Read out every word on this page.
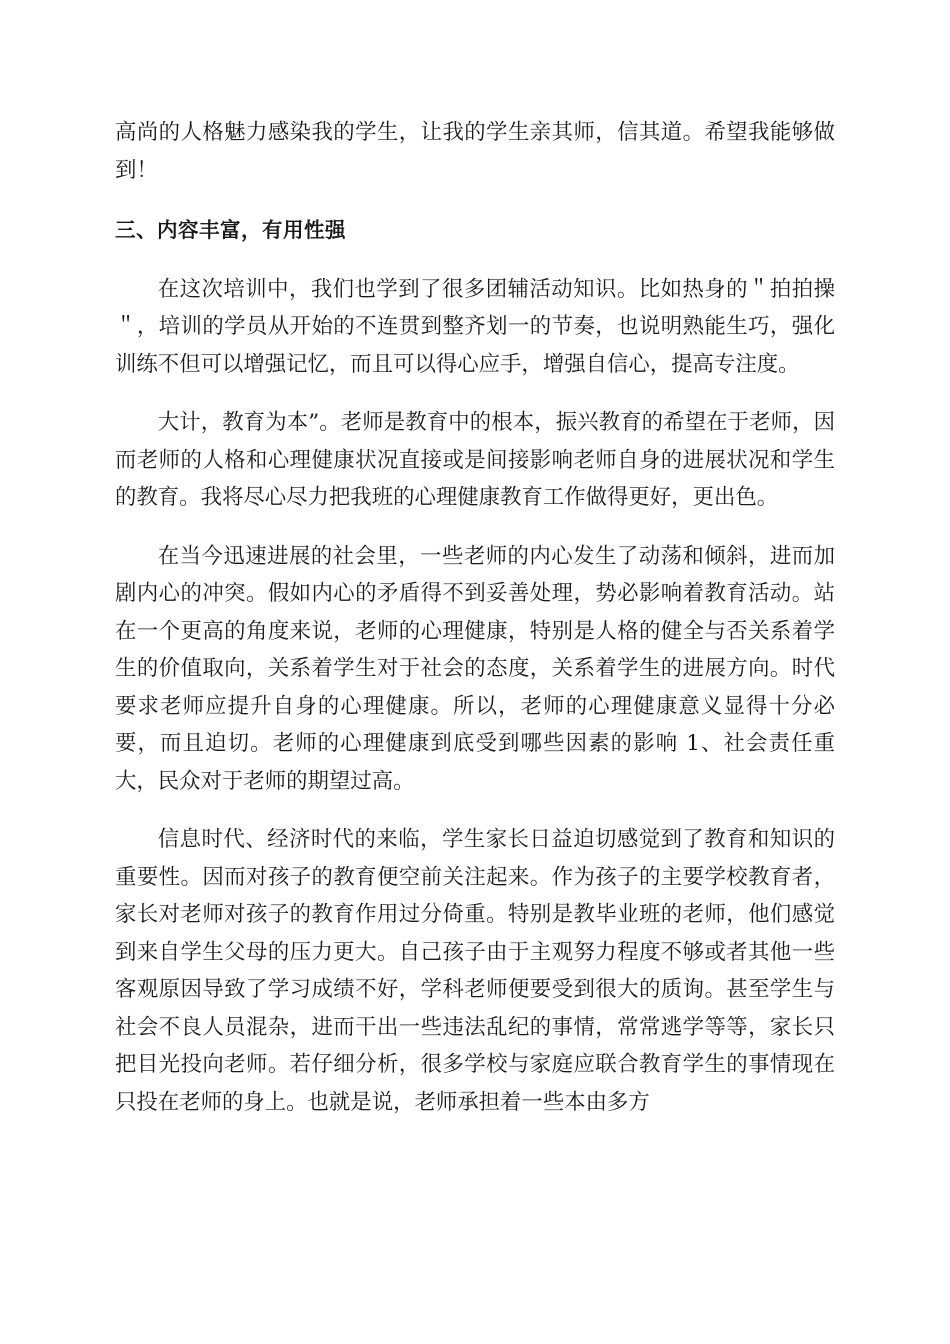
高尚的人格魅力感染我的学生，让我的学生亲其师，信其道。希望我能够做到！

三、内容丰富，有用性强

在这次培训中，我们也学到了很多团辅活动知识。比如热身的＂拍拍操＂，培训的学员从开始的不连贯到整齐划一的节奏，也说明熟能生巧，强化训练不但可以增强记忆，而且可以得心应手，增强自信心，提高专注度。

大计，教育为本”。老师是教育中的根本，振兴教育的希望在于老师，因而老师的人格和心理健康状况直接或是间接影响老师自身的进展状况和学生的教育。我将尽心尽力把我班的心理健康教育工作做得更好，更出色。

在当今迅速进展的社会里，一些老师的内心发生了动荡和倾斜，进而加剧内心的冲突。假如内心的矛盾得不到妥善处理，势必影响着教育活动。站在一个更高的角度来说，老师的心理健康，特别是人格的健全与否关系着学生的价值取向，关系着学生对于社会的态度，关系着学生的进展方向。时代要求老师应提升自身的心理健康。所以，老师的心理健康意义显得十分必要，而且迫切。老师的心理健康到底受到哪些因素的影响 1、社会责任重大，民众对于老师的期望过高。

信息时代、经济时代的来临，学生家长日益迫切感觉到了教育和知识的重要性。因而对孩子的教育便空前关注起来。作为孩子的主要学校教育者，家长对老师对孩子的教育作用过分倚重。特别是教毕业班的老师，他们感觉到来自学生父母的压力更大。自己孩子由于主观努力程度不够或者其他一些客观原因导致了学习成绩不好，学科老师便要受到很大的质询。甚至学生与社会不良人员混杂，进而干出一些违法乱纪的事情，常常逃学等等，家长只把目光投向老师。若仔细分析，很多学校与家庭应联合教育学生的事情现在只投在老师的身上。也就是说，老师承担着一些本由多方
